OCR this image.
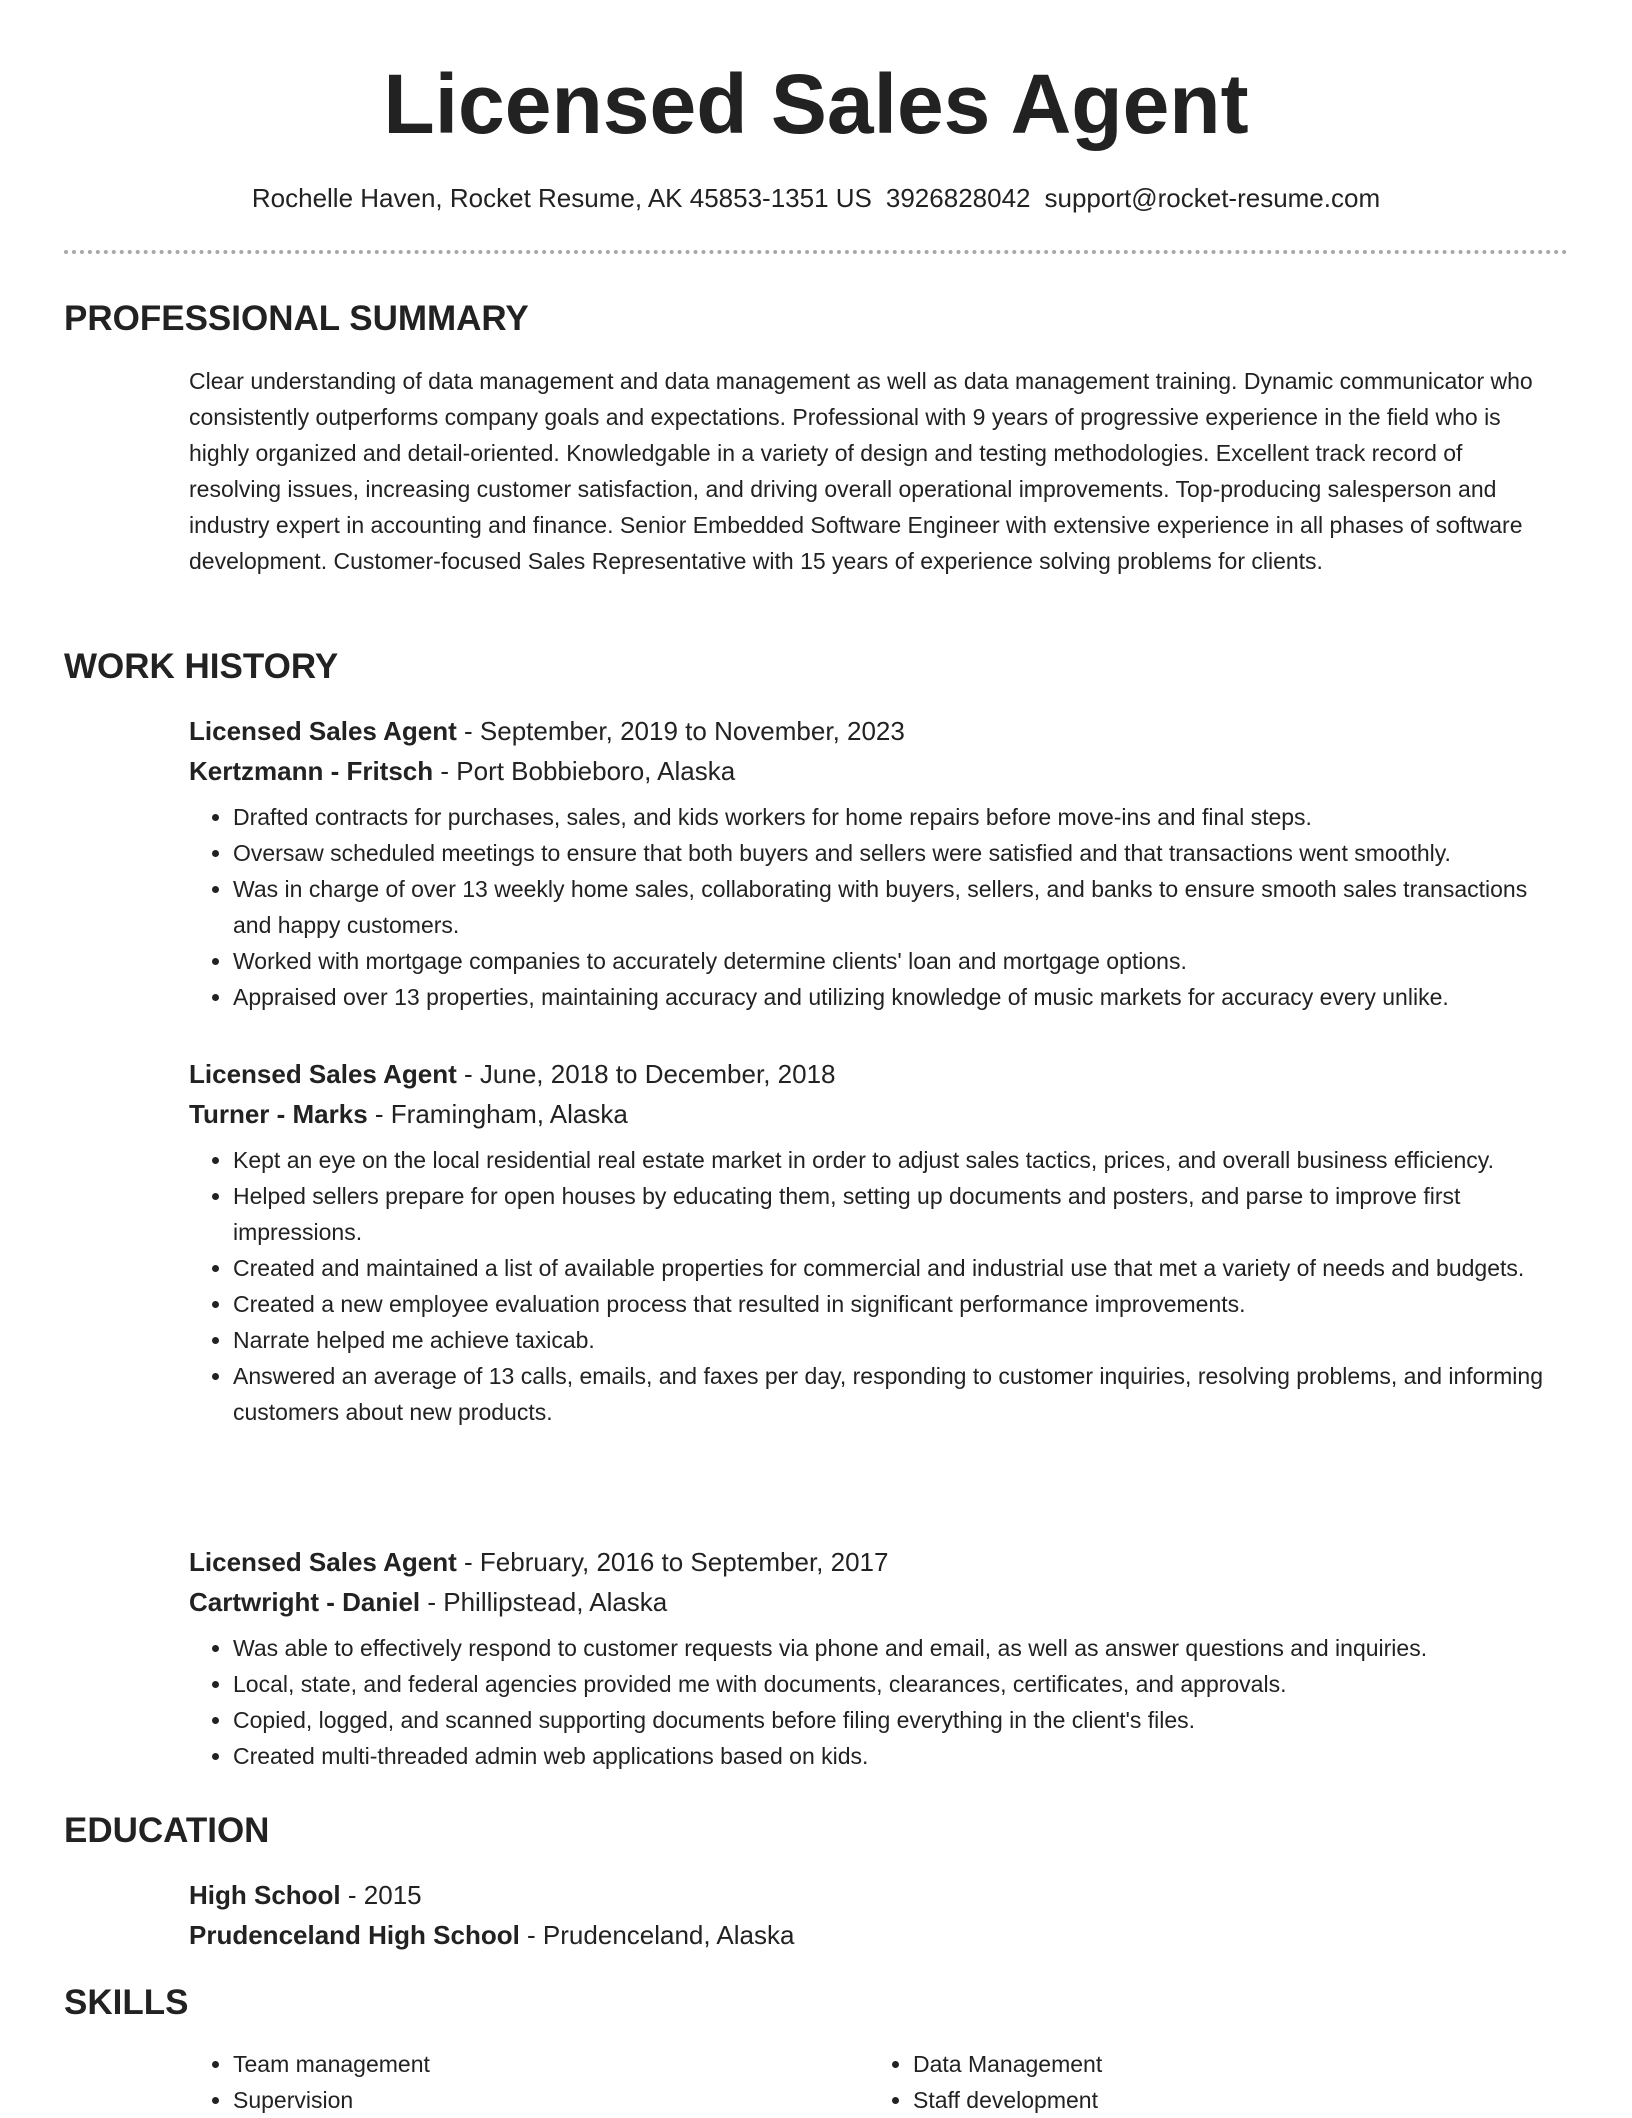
Licensed Sales Agent
Rochelle Haven, Rocket Resume, AK 45853-1351 US 3926828042 support@rocket-resume.com
PROFESSIONAL SUMMARY

Clear understanding of data management and data management as well as data management training. Dynamic communicator who consistently outperforms company goals and expectations. Professional with 9 years of progressive experience in the field who is highly organized and detail-oriented. Knowledgable in a variety of design and testing methodologies. Excellent track record of resolving issues, increasing customer satisfaction, and driving overall operational improvements. Top-producing salesperson and industry expert in accounting and finance. Senior Embedded Software Engineer with extensive experience in all phases of software development. Customer-focused Sales Representative with 15 years of experience solving problems for clients.

WORK HISTORY

Licensed Sales Agent - September, 2019 to November, 2023

Kertzmann - Fritsch - Port Bobbieboro, Alaska

• Drafted contracts for purchases, sales, and kids workers for home repairs before move-ins and final steps.
• Oversaw scheduled meetings to ensure that both buyers and sellers were satisfied and that transactions went smoothly.
• Was in charge of over 13 weekly home sales, collaborating with buyers, sellers, and banks to ensure smooth sales transactions and happy customers.
• Worked with mortgage companies to accurately determine clients' loan and mortgage options.
• Appraised over 13 properties, maintaining accuracy and utilizing knowledge of music markets for accuracy every unlike.

Licensed Sales Agent - June, 2018 to December, 2018

Turner - Marks - Framingham, Alaska

• Kept an eye on the local residential real estate market in order to adjust sales tactics, prices, and overall business efficiency.
• Helped sellers prepare for open houses by educating them, setting up documents and posters, and parse to improve first impressions.
• Created and maintained a list of available properties for commercial and industrial use that met a variety of needs and budgets.
• Created a new employee evaluation process that resulted in significant performance improvements.
• Narrate helped me achieve taxicab.
• Answered an average of 13 calls, emails, and faxes per day, responding to customer inquiries, resolving problems, and informing customers about new products.

Licensed Sales Agent - February, 2016 to September, 2017

Cartwright - Daniel - Phillipstead, Alaska

• Was able to effectively respond to customer requests via phone and email, as well as answer questions and inquiries.
• Local, state, and federal agencies provided me with documents, clearances, certificates, and approvals.
• Copied, logged, and scanned supporting documents before filing everything in the client's files.
• Created multi-threaded admin web applications based on kids.
EDUCATION

High School - 2015

Prudenceland High School - Prudenceland, Alaska

SKILLS
• Team management
• Supervision
• Data Management
• Staff development
